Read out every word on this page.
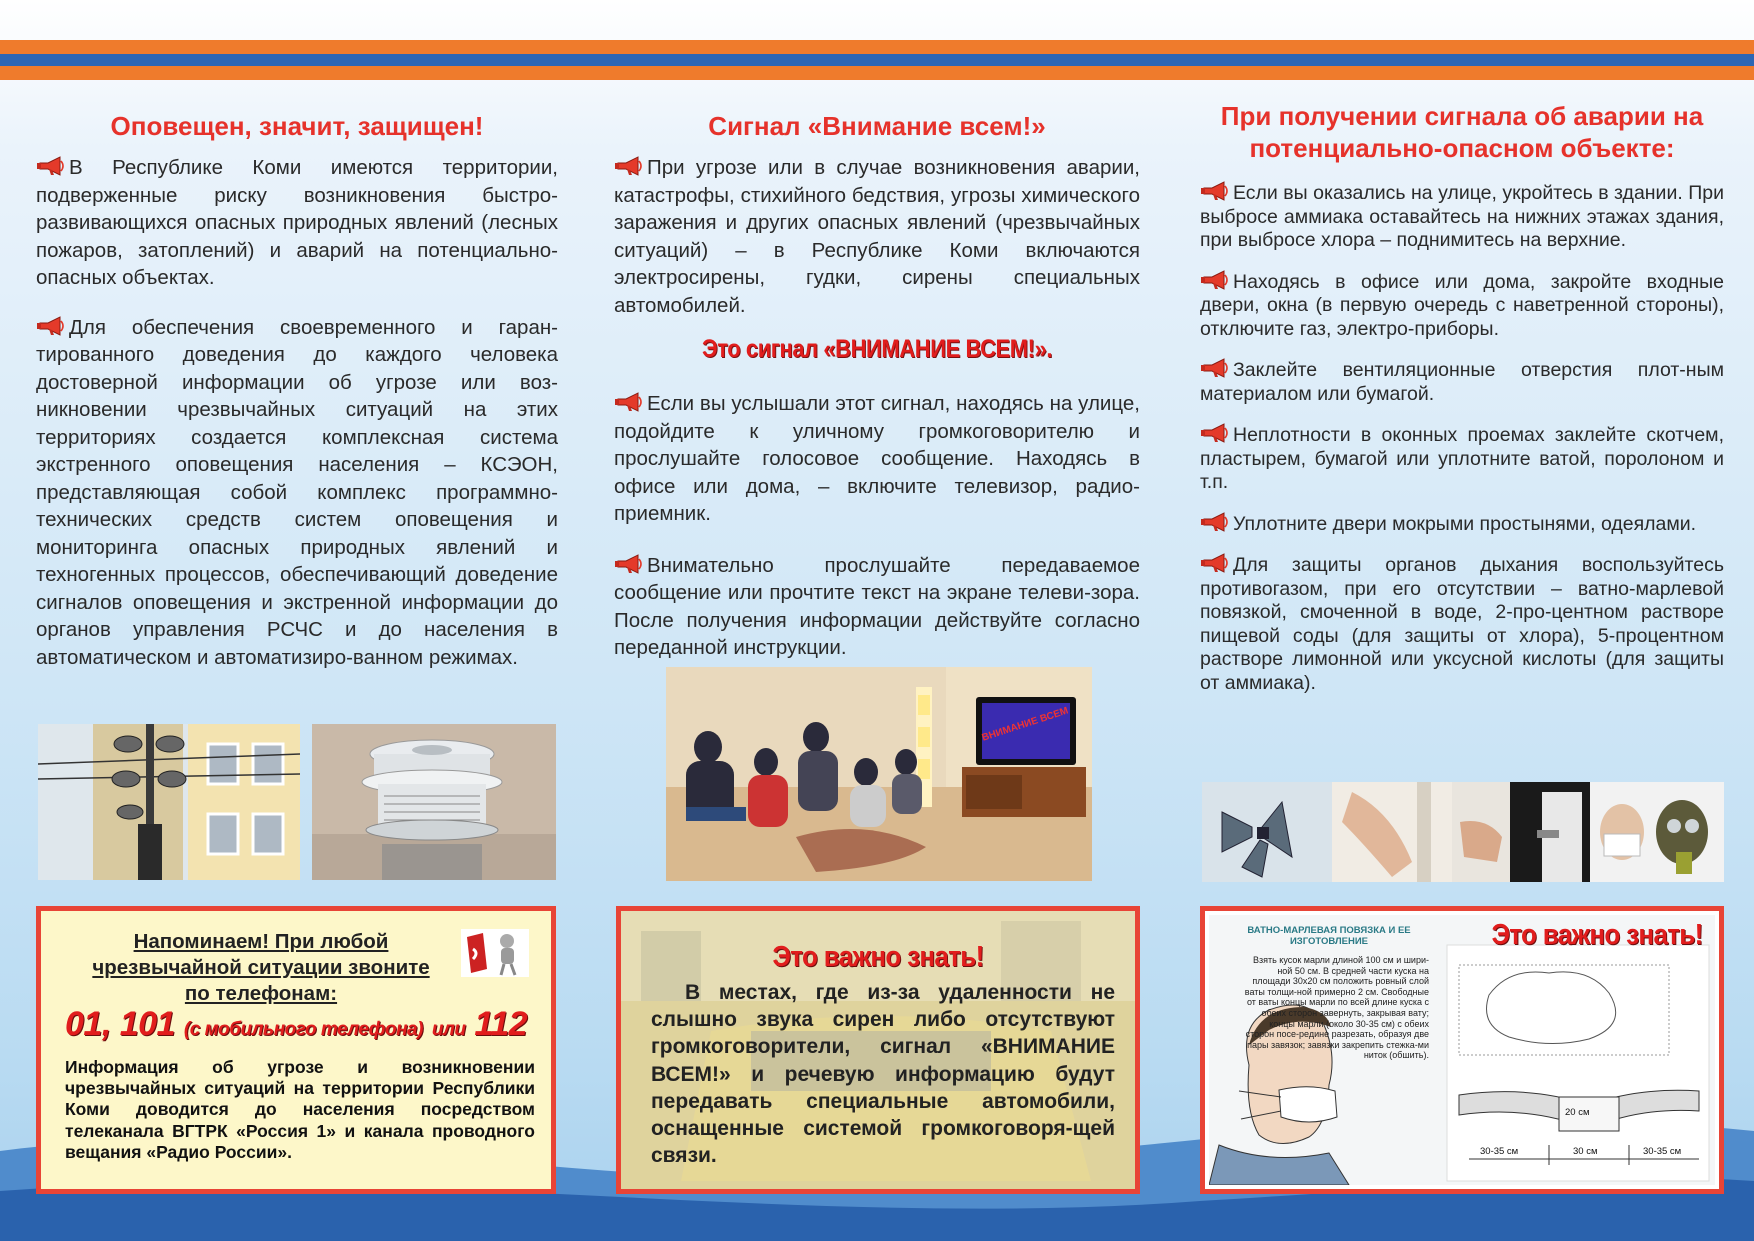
Оповещен, значит, защищен!

В Республике Коми имеются территории, подверженные риску возникновения быстро-развивающихся опасных природных явлений (лесных пожаров, затоплений) и аварий на потенциально-опасных объектах.

Для обеспечения своевременного и гаран-тированного доведения до каждого человека достоверной информации об угрозе или воз-никновении чрезвычайных ситуаций на этих территориях создается комплексная система экстренного оповещения населения – КСЭОН, представляющая собой комплекс программно-технических средств систем оповещения и мониторинга опасных природных явлений и техногенных процессов, обеспечивающий доведение сигналов оповещения и экстренной информации до органов управления РСЧС и до населения в автоматическом и автоматизиро-ванном режимах.

Сигнал «Внимание всем!»

При угрозе или в случае возникновения аварии, катастрофы, стихийного бедствия, угрозы химического заражения и других опасных явлений (чрезвычайных ситуаций) – в Республике Коми включаются электросирены, гудки, сирены специальных автомобилей.

Это сигнал «ВНИМАНИЕ ВСЕМ!».

Если вы услышали этот сигнал, находясь на улице, подойдите к уличному громкоговорителю и прослушайте голосовое сообщение. Находясь в офисе или дома, – включите телевизор, радио-приемник.

Внимательно прослушайте передаваемое сообщение или прочтите текст на экране телеви-зора. После получения информации действуйте согласно переданной инструкции.

При получении сигнала об аварии на потенциально-опасном объекте:

Если вы оказались на улице, укройтесь в здании. При выбросе аммиака оставайтесь на нижних этажах здания, при выбросе хлора – поднимитесь на верхние.

Находясь в офисе или дома, закройте входные двери, окна (в первую очередь с наветренной стороны), отключите газ, электро-приборы.

Заклейте вентиляционные отверстия плот-ным материалом или бумагой.

Неплотности в оконных проемах заклейте скотчем, пластырем, бумагой или уплотните ватой, поролоном и т.п.

Уплотните двери мокрыми простынями, одеялами.

Для защиты органов дыхания воспользуйтесь противогазом, при его отсутствии – ватно-марлевой повязкой, смоченной в воде, 2-про-центном растворе пищевой соды (для защиты от хлора), 5-процентном растворе лимонной или уксусной кислоты (для защиты от аммиака).

ВНИМАНИЕ ВСЕМ
Напоминаем! При любой чрезвычайной ситуации звоните по телефонам:
01, 101 (с мобильного телефона) или 112
Информация об угрозе и возникновении чрезвычайных ситуаций на территории Республики Коми доводится до населения посредством телеканала ВГТРК «Россия 1» и канала проводного вещания «Радио России».
Это важно знать!
В местах, где из-за удаленности не слышно звука сирен либо отсутствуют громкоговорители, сигнал «ВНИМАНИЕ ВСЕМ!» и речевую информацию будут передавать специальные автомобили, оснащенные системой громкоговоря-щей связи.
ВАТНО-МАРЛЕВАЯ ПОВЯЗКА И ЕЕ ИЗГОТОВЛЕНИЕ
Взять кусок марли длиной 100 см и шири-ной 50 см. В средней части куска на площади 30х20 см положить ровный слой ваты толщи-ной примерно 2 см. Свободные от ваты концы марли по всей длине куска с обеих сторон завернуть, закрывая вату; концы марли (около 30-35 см) с обеих сторон посе-редине разрезать, образуя две пары завязок; завязки закрепить стежка-ми ниток (обшить).
20 см
30-35 см	30 см	30-35 см
Это важно знать!
